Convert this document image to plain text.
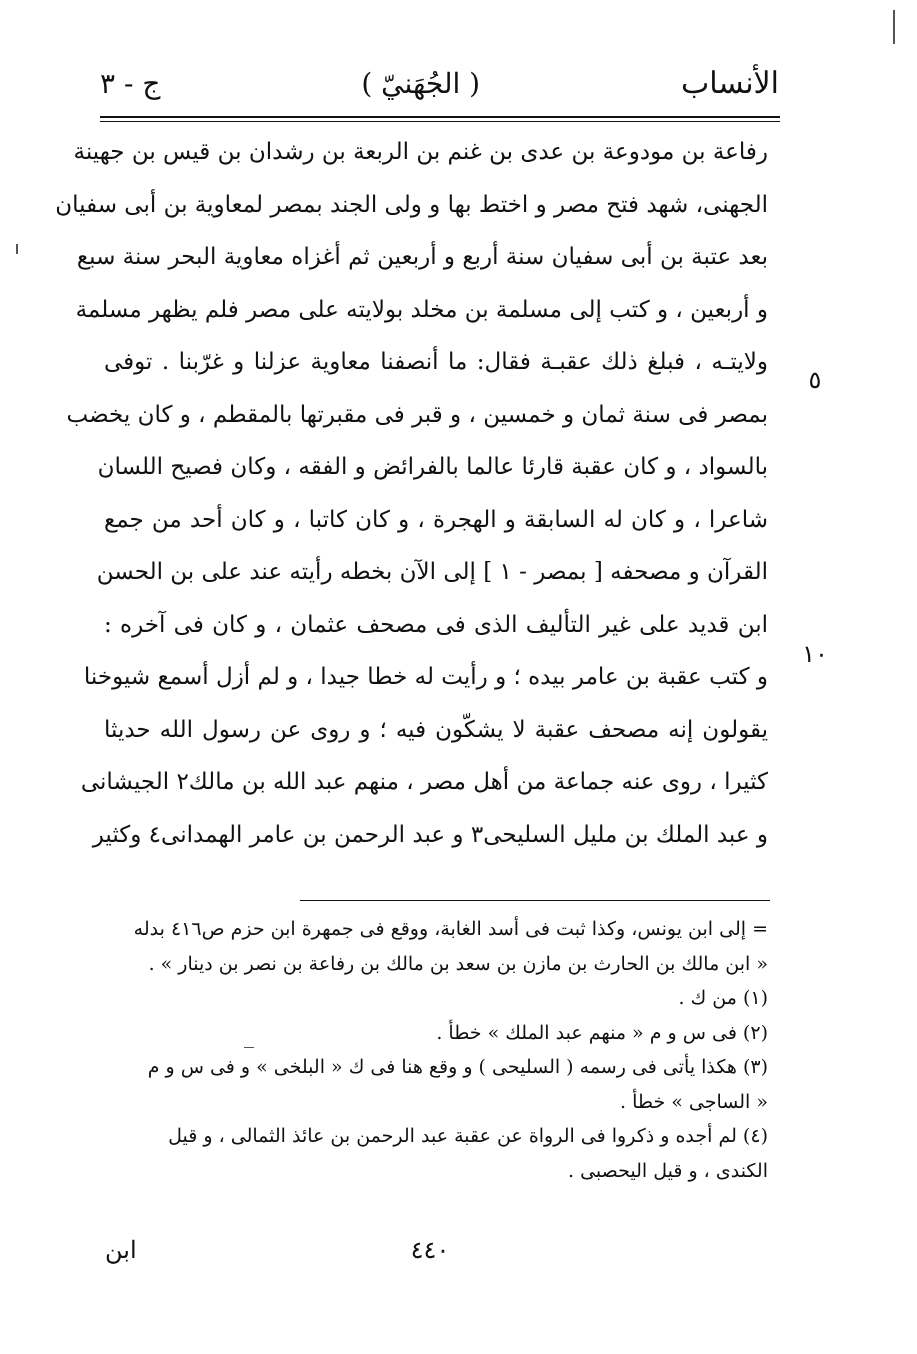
الأنساب
( الجُهَنيّ )
ج - ٣
٥
١٠
رفاعة بن مودوعة بن عدى بن غنم بن الربعة بن رشدان بن قيس بن جهينة
الجهنى، شهد فتح مصر و اختط بها و ولى الجند بمصر لمعاوية بن أبى سفيان
بعد عتبة بن أبى سفيان سنة أربع و أربعين ثم أغزاه معاوية البحر سنة سبع
و أربعين ، و كتب إلى مسلمة بن مخلد بولايته على مصر فلم يظهر مسلمة
ولايتـه ، فبلغ ذلك عقبـة فقال: ما أنصفنا معاوية عزلنا و غرّبنا . توفى
بمصر فى سنة ثمان و خمسين ، و قبر فى مقبرتها بالمقطم ، و كان يخضب
بالسواد ، و كان عقبة قارئا عالما بالفرائض و الفقه ، وكان فصيح اللسان
شاعرا ، و كان له السابقة و الهجرة ، و كان كاتبا ، و كان أحد من جمع
القرآن و مصحفه [ بمصر - ١ ] إلى الآن بخطه رأيته عند على بن الحسن
ابن قديد على غير التأليف الذى فى مصحف عثمان ، و كان فى آخره :
و كتب عقبة بن عامر بيده ؛ و رأيت له خطا جيدا ، و لم أزل أسمع شيوخنا
يقولون إنه مصحف عقبة لا يشكّون فيه ؛ و روى عن رسول الله حديثا
كثيرا ، روى عنه جماعة من أهل مصر ، منهم عبد الله بن مالك٢ الجيشانى
و عبد الملك بن مليل السليحى٣ و عبد الرحمن بن عامر الهمدانى٤ وكثير
= إلى ابن يونس، وكذا ثبت فى أسد الغابة، ووقع فى جمهرة ابن حزم ص٤١٦ بدله
« ابن مالك بن الحارث بن مازن بن سعد بن مالك بن رفاعة بن نصر بن دينار » .
(١) من ك .
(٢) فى س و م « منهم عبد الملك » خطأ .
(٣) هكذا يأتى فى رسمه ( السليحى ) و وقع هنا فى ك « البلخى » و فى س و م
« الساجى » خطأ .
(٤) لم أجده و ذكروا فى الرواة عن عقبة عبد الرحمن بن عائذ الثمالى ، و قيل
الكندى ، و قيل اليحصبى .
٤٤٠
ابن
